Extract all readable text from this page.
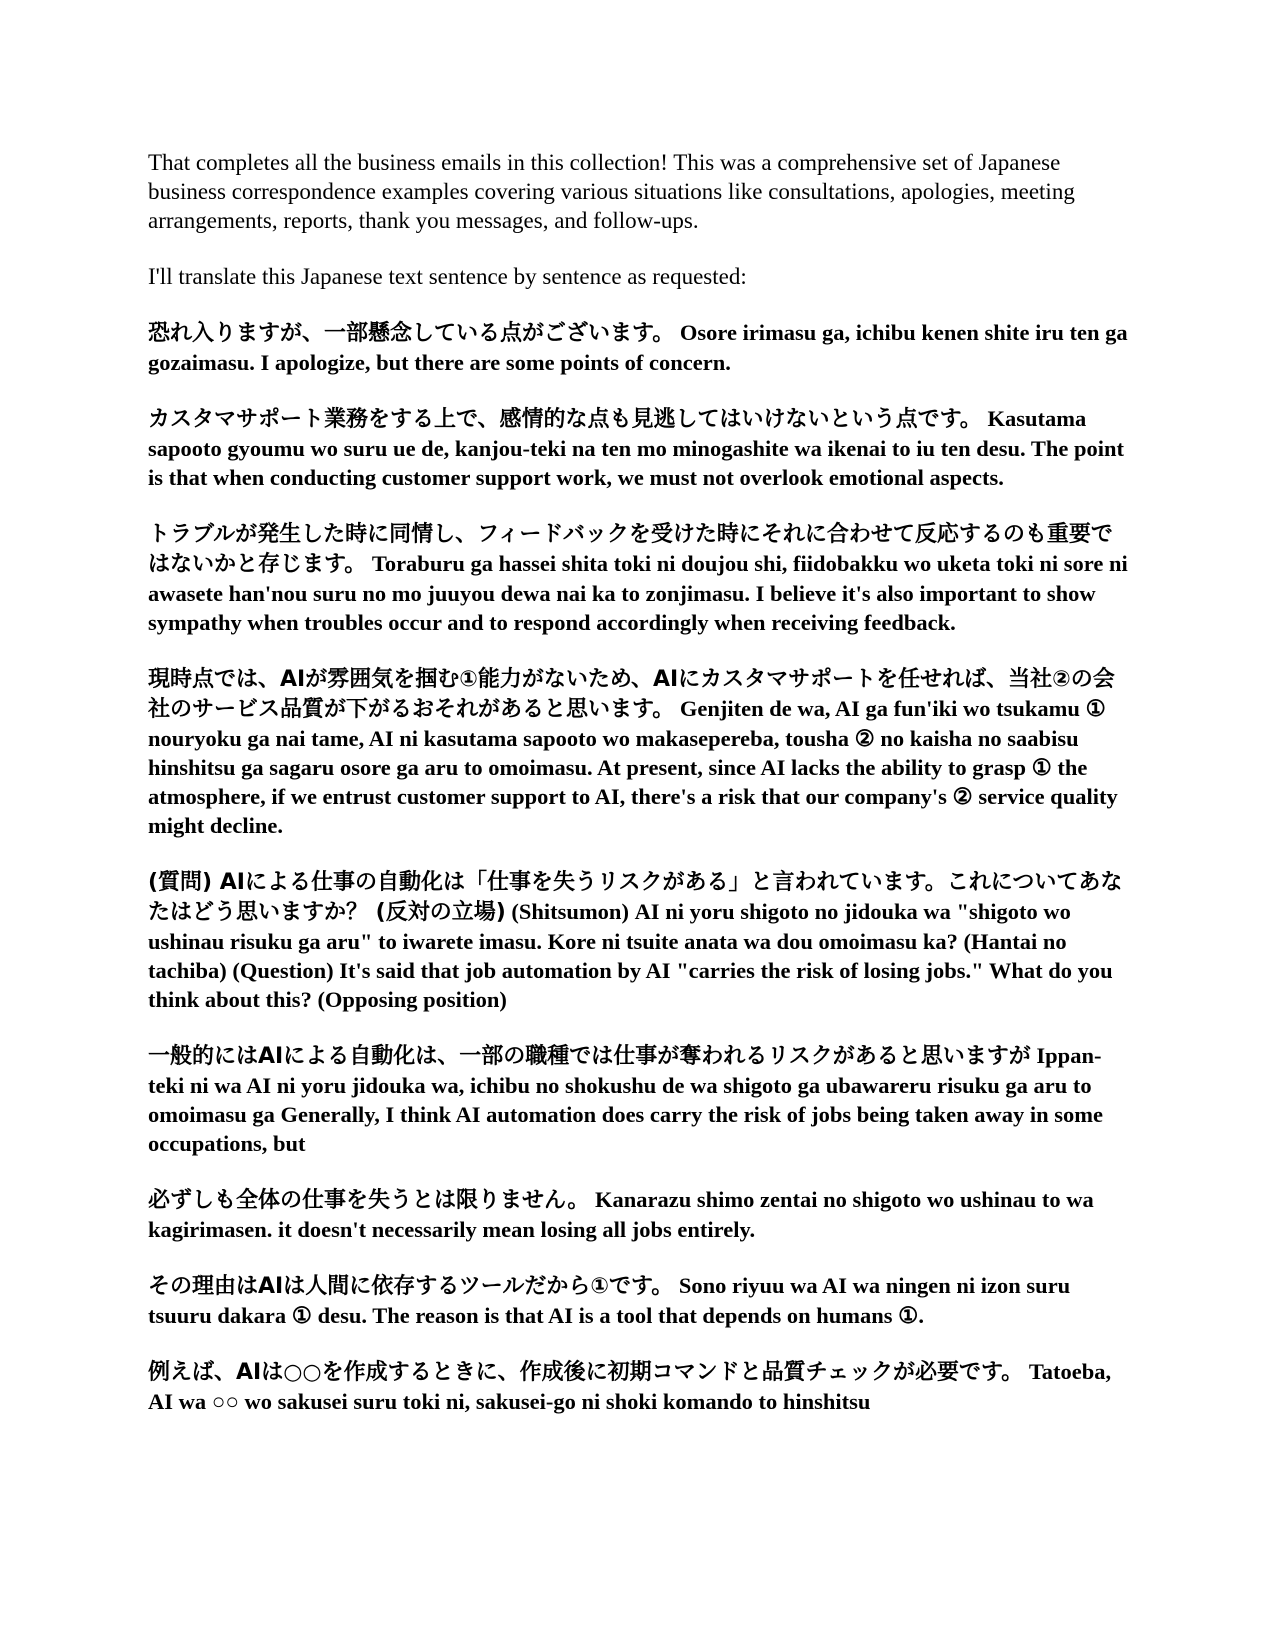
That completes all the business emails in this collection! This was a comprehensive set of Japanese business correspondence examples covering various situations like consultations, apologies, meeting arrangements, reports, thank you messages, and follow-ups.

I'll translate this Japanese text sentence by sentence as requested:

恐れ入りますが、一部懸念している点がございます。 Osore irimasu ga, ichibu kenen shite iru ten ga gozaimasu. I apologize, but there are some points of concern.

カスタマサポート業務をする上で、感情的な点も見逃してはいけないという点です。 Kasutama sapooto gyoumu wo suru ue de, kanjou-teki na ten mo minogashite wa ikenai to iu ten desu. The point is that when conducting customer support work, we must not overlook emotional aspects.

トラブルが発生した時に同情し、フィードバックを受けた時にそれに合わせて反応するのも重要ではないかと存じます。 Toraburu ga hassei shita toki ni doujou shi, fiidobakku wo uketa toki ni sore ni awasete han'nou suru no mo juuyou dewa nai ka to zonjimasu. I believe it's also important to show sympathy when troubles occur and to respond accordingly when receiving feedback.

現時点では、AIが雰囲気を掴む①能力がないため、AIにカスタマサポートを任せれば、当社②の会社のサービス品質が下がるおそれがあると思います。 Genjiten de wa, AI ga fun'iki wo tsukamu ① nouryoku ga nai tame, AI ni kasutama sapooto wo makasepereba, tousha ② no kaisha no saabisu hinshitsu ga sagaru osore ga aru to omoimasu. At present, since AI lacks the ability to grasp ① the atmosphere, if we entrust customer support to AI, there's a risk that our company's ② service quality might decline.

(質問) AIによる仕事の自動化は「仕事を失うリスクがある」と言われています。これについてあなたはどう思いますか？ (反対の立場) (Shitsumon) AI ni yoru shigoto no jidouka wa "shigoto wo ushinau risuku ga aru" to iwarete imasu. Kore ni tsuite anata wa dou omoimasu ka? (Hantai no tachiba) (Question) It's said that job automation by AI "carries the risk of losing jobs." What do you think about this? (Opposing position)

一般的にはAIによる自動化は、一部の職種では仕事が奪われるリスクがあると思いますが Ippan-teki ni wa AI ni yoru jidouka wa, ichibu no shokushu de wa shigoto ga ubawareru risuku ga aru to omoimasu ga Generally, I think AI automation does carry the risk of jobs being taken away in some occupations, but

必ずしも全体の仕事を失うとは限りません。 Kanarazu shimo zentai no shigoto wo ushinau to wa kagirimasen. it doesn't necessarily mean losing all jobs entirely.

その理由はAIは人間に依存するツールだから①です。 Sono riyuu wa AI wa ningen ni izon suru tsuuru dakara ① desu. The reason is that AI is a tool that depends on humans ①.

例えば、AIは○○を作成するときに、作成後に初期コマンドと品質チェックが必要です。 Tatoeba, AI wa ○○ wo sakusei suru toki ni, sakusei-go ni shoki komando to hinshitsu
